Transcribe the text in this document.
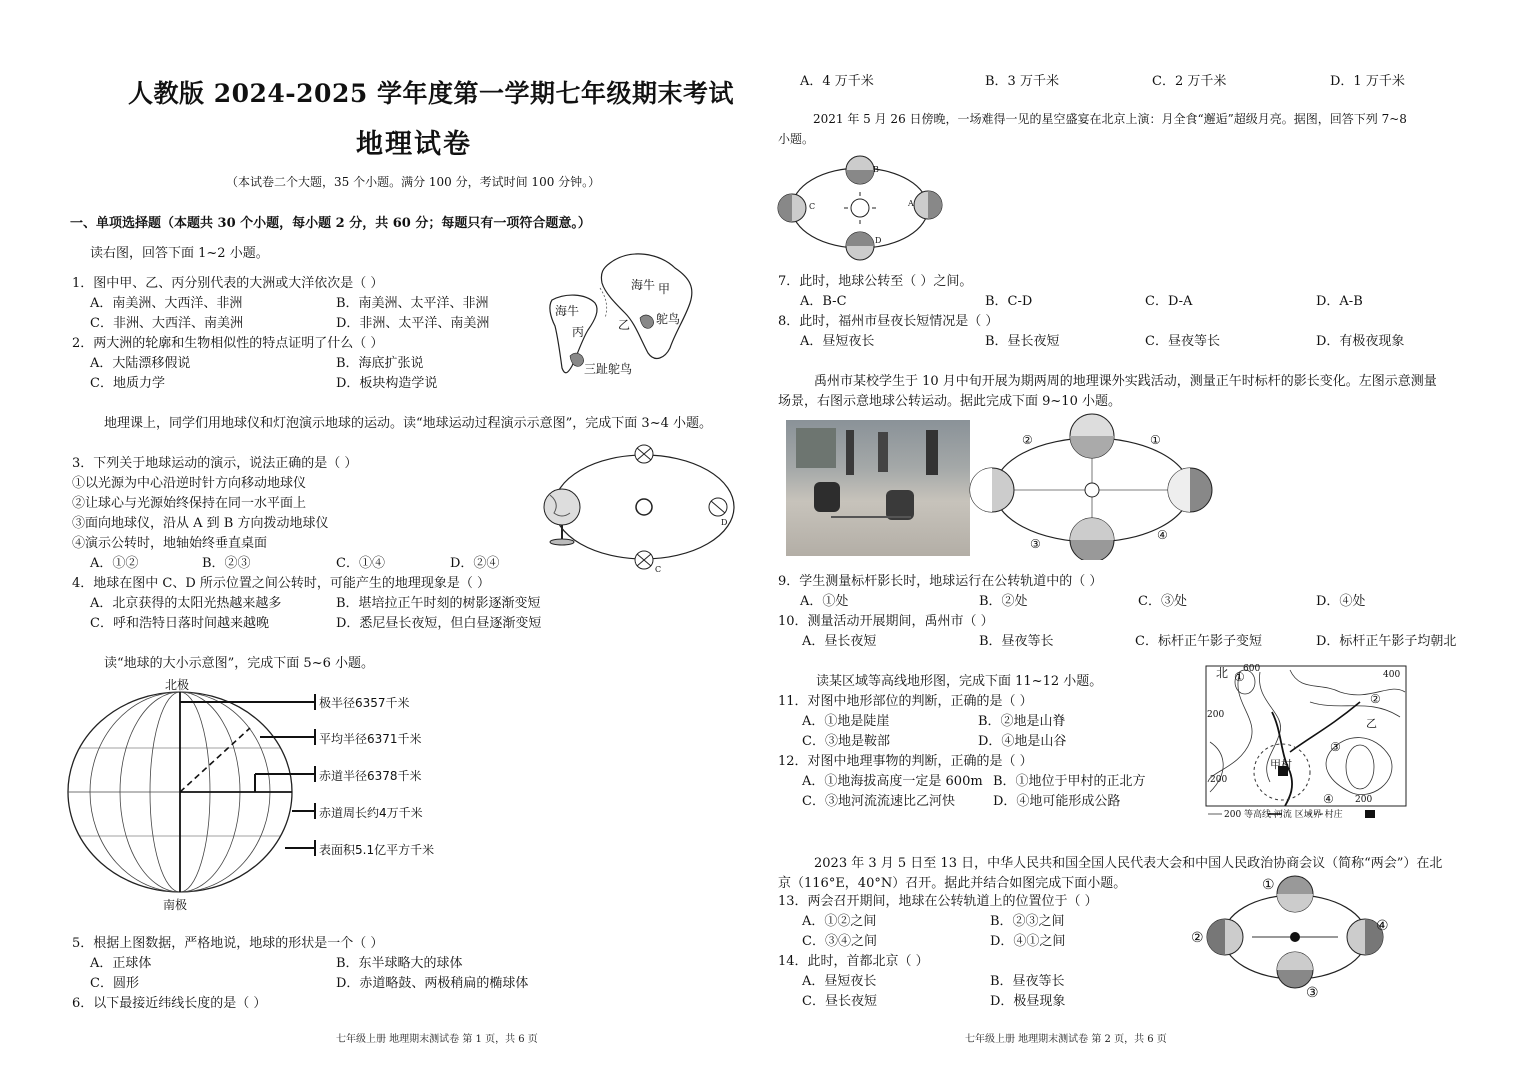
人教版 2024-2025 学年度第一学期七年级期末考试
地理试卷
（本试卷二个大题，35 个小题。满分 100 分，考试时间 100 分钟。）
一、单项选择题（本题共 30 个小题，每小题 2 分，共 60 分；每题只有一项符合题意。）
读右图，回答下面 1~2 小题。
1．图中甲、乙、丙分别代表的大洲或大洋依次是（ ）
A．南美洲、大西洋、非洲	B．南美洲、太平洋、非洲
C．非洲、大西洋、南美洲	D．非洲、太平洋、南美洲
2．两大洲的轮廓和生物相似性的特点证明了什么（ ）
A．大陆漂移假说	B．海底扩张说
C．地质力学	D．板块构造学说
海牛 甲
海牛
丙	乙 鸵鸟
三趾鸵鸟
地理课上，同学们用地球仪和灯泡演示地球的运动。读“地球运动过程演示示意图”，完成下面 3~4 小题。
3．下列关于地球运动的演示，说法正确的是（ ）
①以光源为中心沿逆时针方向移动地球仪
②让球心与光源始终保持在同一水平面上
③面向地球仪，沿从 A 到 B 方向拨动地球仪
④演示公转时，地轴始终垂直桌面
A．①②	B．②③	C．①④	D．②④	C
D
4．地球在图中 C、D 所示位置之间公转时，可能产生的地理现象是（ ）
A．北京获得的太阳光热越来越多	B．堪培拉正午时刻的树影逐渐变短
C．呼和浩特日落时间越来越晚	D．悉尼昼长夜短，但白昼逐渐变短
读“地球的大小示意图”，完成下面 5~6 小题。
北极
南极
极半径6357千米
平均半径6371千米
赤道半径6378千米
赤道周长约4万千米
表面积5.1亿平方千米
5．根据上图数据，严格地说，地球的形状是一个（ ）
A．正球体	B．东半球略大的球体
C．圆形	D．赤道略鼓、两极稍扁的椭球体
6．以下最接近纬线长度的是（ ）
七年级上册 地理期末测试卷 第 1 页，共 6 页
A．4 万千米	B．3 万千米	C．2 万千米	D．1 万千米
2021 年 5 月 26 日傍晚，一场难得一见的星空盛宴在北京上演：月全食“邂逅”超级月亮。据图，回答下列 7~8
小题。
B
A
C
D
7．此时，地球公转至（ ）之间。
A．B-C	B．C-D	C．D-A	D．A-B
8．此时，福州市昼夜长短情况是（ ）
A．昼短夜长	B．昼长夜短	C．昼夜等长	D．有极夜现象
禹州市某校学生于 10 月中旬开展为期两周的地理课外实践活动，测量正午时标杆的影长变化。左图示意测量
场景，右图示意地球公转运动。据此完成下面 9~10 小题。
①
②
③
④
9．学生测量标杆影长时，地球运行在公转轨道中的（ ）
A．①处	B．②处	C．③处	D．④处
10．测量活动开展期间，禹州市（ ）
A．昼长夜短	B．昼夜等长	C．标杆正午影子变短	D．标杆正午影子均朝北
读某区域等高线地形图，完成下面 11~12 小题。
11．对图中地形部位的判断，正确的是（ ）
A．①地是陡崖	B．②地是山脊
C．③地是鞍部	D．④地是山谷
12．对图中地理事物的判断，正确的是（ ）
A．①地海拔高度一定是 600m B．①地位于甲村的正北方
C．③地河流流速比乙河快	D．④地可能形成公路
北	400
600
200
200
200
甲村
乙
①
②
③
④
200 等高线 河流 区域界 村庄
2023 年 3 月 5 日至 13 日，中华人民共和国全国人民代表大会和中国人民政治协商会议（简称“两会”）在北
京（116°E，40°N）召开。据此并结合如图完成下面小题。
13．两会召开期间，地球在公转轨道上的位置位于（ ）
A．①②之间	B．②③之间
C．③④之间	D．④①之间
14．此时，首都北京（ ）
A．昼短夜长	B．昼夜等长
C．昼长夜短	D．极昼现象
①
②
③
④
七年级上册 地理期末测试卷 第 2 页，共 6 页
